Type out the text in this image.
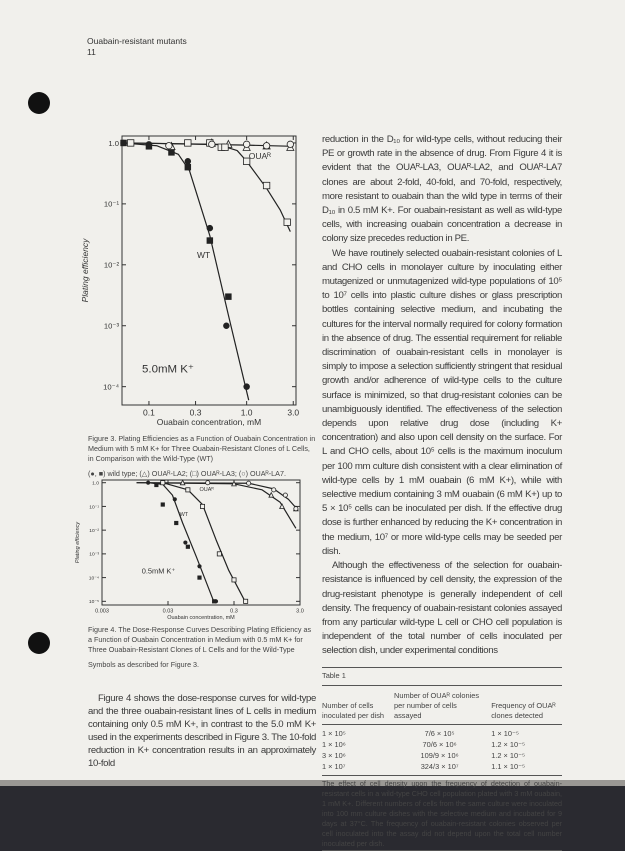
Ouabain-resistant mutants
11
0.1	0.3	1.0	3.0
1.0
10⁻¹
10⁻²
10⁻³
10⁻⁴
Ouabain concentration, mM
Plating efficiency
OUAᴿ
WT
5.0mM K⁺

Figure 3. Plating Efficiencies as a Function of Ouabain Concentration in Medium with 5 mM K+ for Three Ouabain-Resistant Clones of L Cells, in Comparison with the Wild-Type (WT)

(●, ■) wild type; (△) OUAᴿ-LA2; (□) OUAᴿ-LA3; (○) OUAᴿ-LA7.

0.003	0.03	0.3	3.0
1.0
10⁻¹
10⁻²
10⁻³
10⁻⁴
10⁻⁵
Ouabain concentration, mM
Plating efficiency
OUAᴿ
WT
0.5mM K⁺

Figure 4. The Dose-Response Curves Describing Plating Efficiency as a Function of Ouabain Concentration in Medium with 0.5 mM K+ for Three Ouabain-Resistant Clones of L Cells and for the Wild-Type

Symbols as described for Figure 3.

Figure 4 shows the dose-response curves for wild-type and the three ouabain-resistant lines of L cells in medium containing only 0.5 mM K+, in contrast to the 5.0 mM K+ used in the experiments described in Figure 3. The 10-fold reduction in K+ concentration results in an approximately 10-fold

reduction in the D₁₀ for wild-type cells, without reducing their PE or growth rate in the absence of drug. From Figure 4 it is evident that the OUAᴿ-LA3, OUAᴿ-LA2, and OUAᴿ-LA7 clones are about 2-fold, 40-fold, and 70-fold, respectively, more resistant to ouabain than the wild type in terms of their D₁₀ in 0.5 mM K+. For ouabain-resistant as well as wild-type cells, with increasing ouabain concentration a decrease in colony size precedes reduction in PE.

We have routinely selected ouabain-resistant colonies of L and CHO cells in monolayer culture by inoculating either mutagenized or unmutagenized wild-type populations of 10⁵ to 10⁷ cells into plastic culture dishes or glass prescription bottles containing selective medium, and incubating the cultures for the interval normally required for colony formation in the absence of drug. The essential requirement for reliable discrimination of ouabain-resistant cells in monolayer is simply to impose a selection sufficiently stringent that residual growth and/or adherence of wild-type cells to the culture surface is minimized, so that drug-resistant colonies can be unambiguously identified. The effectiveness of the selection depends upon relative drug dose (including K+ concentration) and also upon cell density on the surface. For L and CHO cells, about 10⁵ cells is the maximum inoculum per 100 mm culture dish consistent with a clear elimination of wild-type cells by 1 mM ouabain (6 mM K+), while with selective medium containing 3 mM ouabain (6 mM K+) up to 5 × 10⁵ cells can be inoculated per dish. If the effective drug dose is further enhanced by reducing the K+ concentration in the medium, 10⁷ or more wild-type cells may be seeded per dish.

Although the effectiveness of the selection for ouabain-resistance is influenced by cell density, the expression of the drug-resistant phenotype is generally independent of cell density. The frequency of ouabain-resistant colonies assayed from any particular wild-type L cell or CHO cell population is independent of the total number of cells inoculated per selection dish, under experimental conditions

Table 1
Number of cells inoculated per dish	Number of OUAᴿ colonies per number of cells assayed	Frequency of OUAᴿ clones detected
1 × 10⁵	7/6 × 10⁵	1 × 10⁻⁵
1 × 10⁶	70/6 × 10⁶	1.2 × 10⁻⁵
3 × 10⁶	109/9 × 10⁶	1.2 × 10⁻⁵
1 × 10⁷	324/3 × 10⁷	1.1 × 10⁻⁵
The effect of cell density upon the frequency of detection of ouabain-resistant cells in a wild-type CHO cell population plated with 3 mM ouabain, 1 mM K+. Different numbers of cells from the same culture were inoculated into 100 mm culture dishes with the selective medium and incubated for 9 days at 37°C. The frequency of ouabain-resistant colonies observed per cell inoculated into the assay did not depend upon the total cell number inoculated per dish.
